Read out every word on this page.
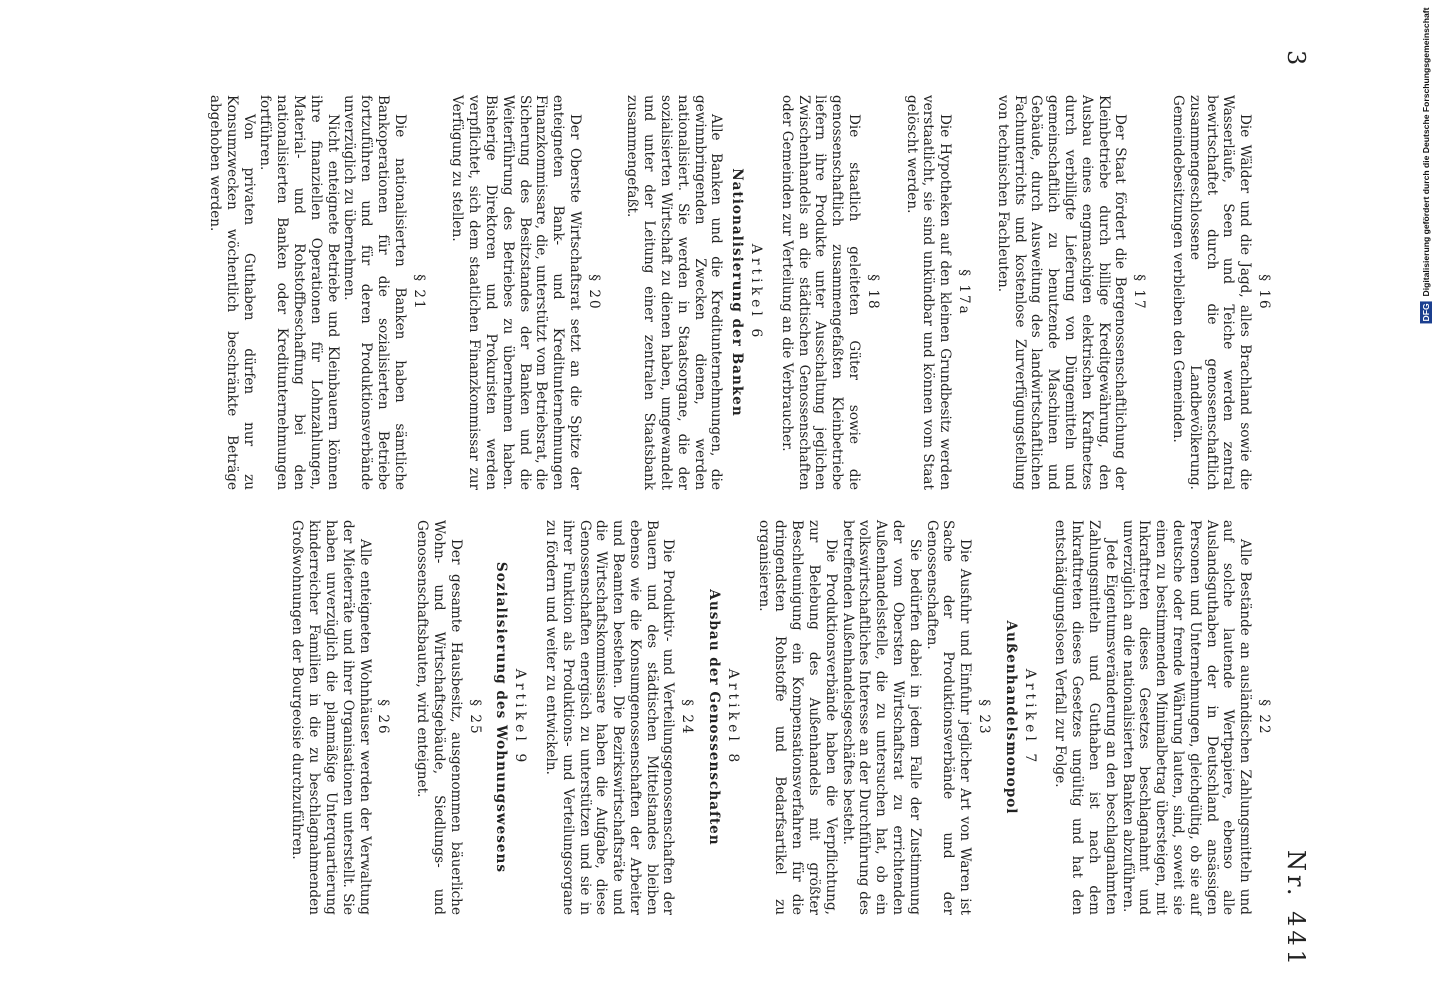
3
Nr. 441
§ 16

Die Wälder und die Jagd, alles Brachland sowie die Wasserläufe, Seen und Teiche werden zentral bewirtschaftet durch die genossenschaftlich zusammengeschlossene Landbevölkerung. Gemeindebesitzungen verbleiben den Gemeinden.

§ 17

Der Staat fördert die Bergenossenschaftlichung der Kleinbetriebe durch billige Kreditgewährung, den Ausbau eines engmaschigen elektrischen Kraftnetzes durch verbilligte Lieferung von Düngemitteln und gemeinschaftlich zu benutzende Maschinen und Gebäude, durch Ausweitung des landwirtschaftlichen Fachunterrichts und kostenlose Zurverfügungstellung von technischen Fachleuten.

§ 17a

Die Hypotheken auf den kleinen Grundbesitz werden verstaatlicht, sie sind unkündbar und können vom Staat gelöscht werden.

§ 18

Die staatlich geleiteten Güter sowie die genossenschaftlich zusammengefaßten Kleinbetriebe liefern ihre Produkte unter Ausschaltung jeglichen Zwischenhandels an die städtischen Genossenschaften oder Gemeinden zur Verteilung an die Verbraucher.

Artikel 6
Nationalisierung der Banken

Alle Banken und die Kreditunternehmungen, die gewinnbringenden Zwecken dienen, werden nationalisiert. Sie werden in Staatsorgane, die der sozialisierten Wirtschaft zu dienen haben, umgewandelt und unter der Leitung einer zentralen Staatsbank zusammengefaßt.

§ 20

Der Oberste Wirtschaftsrat setzt an die Spitze der enteigneten Bank- und Kreditunternehmungen Finanzkommissare, die, unterstützt vom Betriebsrat, die Sicherung des Besitzstandes der Banken und die Weiterführung des Betriebes zu übernehmen haben. Bisherige Direktoren und Prokuristen werden verpflichtet, sich dem staatlichen Finanzkommissar zur Verfügung zu stellen.

§ 21

Die nationalisierten Banken haben sämtliche Bankoperationen für die sozialisierten Betriebe fortzuführen und für deren Produktionsverbände unverzüglich zu übernehmen.

Nicht enteignete Betriebe und Kleinbauern können ihre finanziellen Operationen für Lohnzahlungen, Material- und Rohstoffbeschaffung bei den nationalisierten Banken oder Kreditunternehmungen fortführen.

Von privaten Guthaben dürfen nur zu Konsumzwecken wöchentlich beschränkte Beträge abgehoben werden.

§ 22

Alle Bestände an ausländischen Zahlungsmitteln und auf solche lautende Wertpapiere, ebenso alle Auslandsguthaben der in Deutschland ansässigen Personen und Unternehmungen, gleichgültig, ob sie auf deutsche oder fremde Währung lauten, sind, soweit sie einen zu bestimmenden Minimalbetrag übersteigen, mit Inkrafttreten dieses Gesetzes beschlagnahmt und unverzüglich an die nationalisierten Banken abzuführen.

Jede Eigentumsveränderung an den beschlagnahmten Zahlungsmitteln und Guthaben ist nach dem Inkrafttreten dieses Gesetzes ungültig und hat den entschädigungslosen Verfall zur Folge.

Artikel 7
Außenhandelsmonopol
§ 23

Die Ausfuhr und Einfuhr jeglicher Art von Waren ist Sache der Produktionsverbände und der Genossenschaften.

Sie bedürfen dabei in jedem Falle der Zustimmung der vom Obersten Wirtschaftsrat zu errichtenden Außenhandelsstelle, die zu untersuchen hat, ob ein volkswirtschaftliches Interesse an der Durchführung des betreffenden Außenhandelsgeschäftes besteht.

Die Produktionsverbände haben die Verpflichtung, zur Belebung des Außenhandels mit größter Beschleunigung ein Kompensationsverfahren für die dringendsten Rohstoffe und Bedarfsartikel zu organisieren.

Artikel 8
Ausbau der Genossenschaften
§ 24

Die Produktiv- und Verteilungsgenossenschaften der Bauern und des städtischen Mittelstandes bleiben ebenso wie die Konsumgenossenschaften der Arbeiter und Beamten bestehen. Die Bezirkswirtschaftsräte und die Wirtschaftskommissare haben die Aufgabe, diese Genossenschaften energisch zu unterstützen und sie in ihrer Funktion als Produktions- und Verteilungsorgane zu fördern und weiter zu entwickeln.

Artikel 9
Sozialisierung des Wohnungswesens
§ 25

Der gesamte Hausbesitz, ausgenommen bäuerliche Wohn- und Wirtschaftsgebäude, Siedlungs- und Genossenschaftsbauten, wird enteignet.

§ 26

Alle enteigneten Wohnhäuser werden der Verwaltung der Mieterräte und ihrer Organisationen unterstellt. Sie haben unverzüglich die planmäßige Unterquartierung kinderreicher Familien in die zu beschlagnahmenden Großwohnungen der Bourgeoisie durchzuführen.

DFG Digitalisierung gefördert durch die Deutsche Forschungsgemeinschaft
